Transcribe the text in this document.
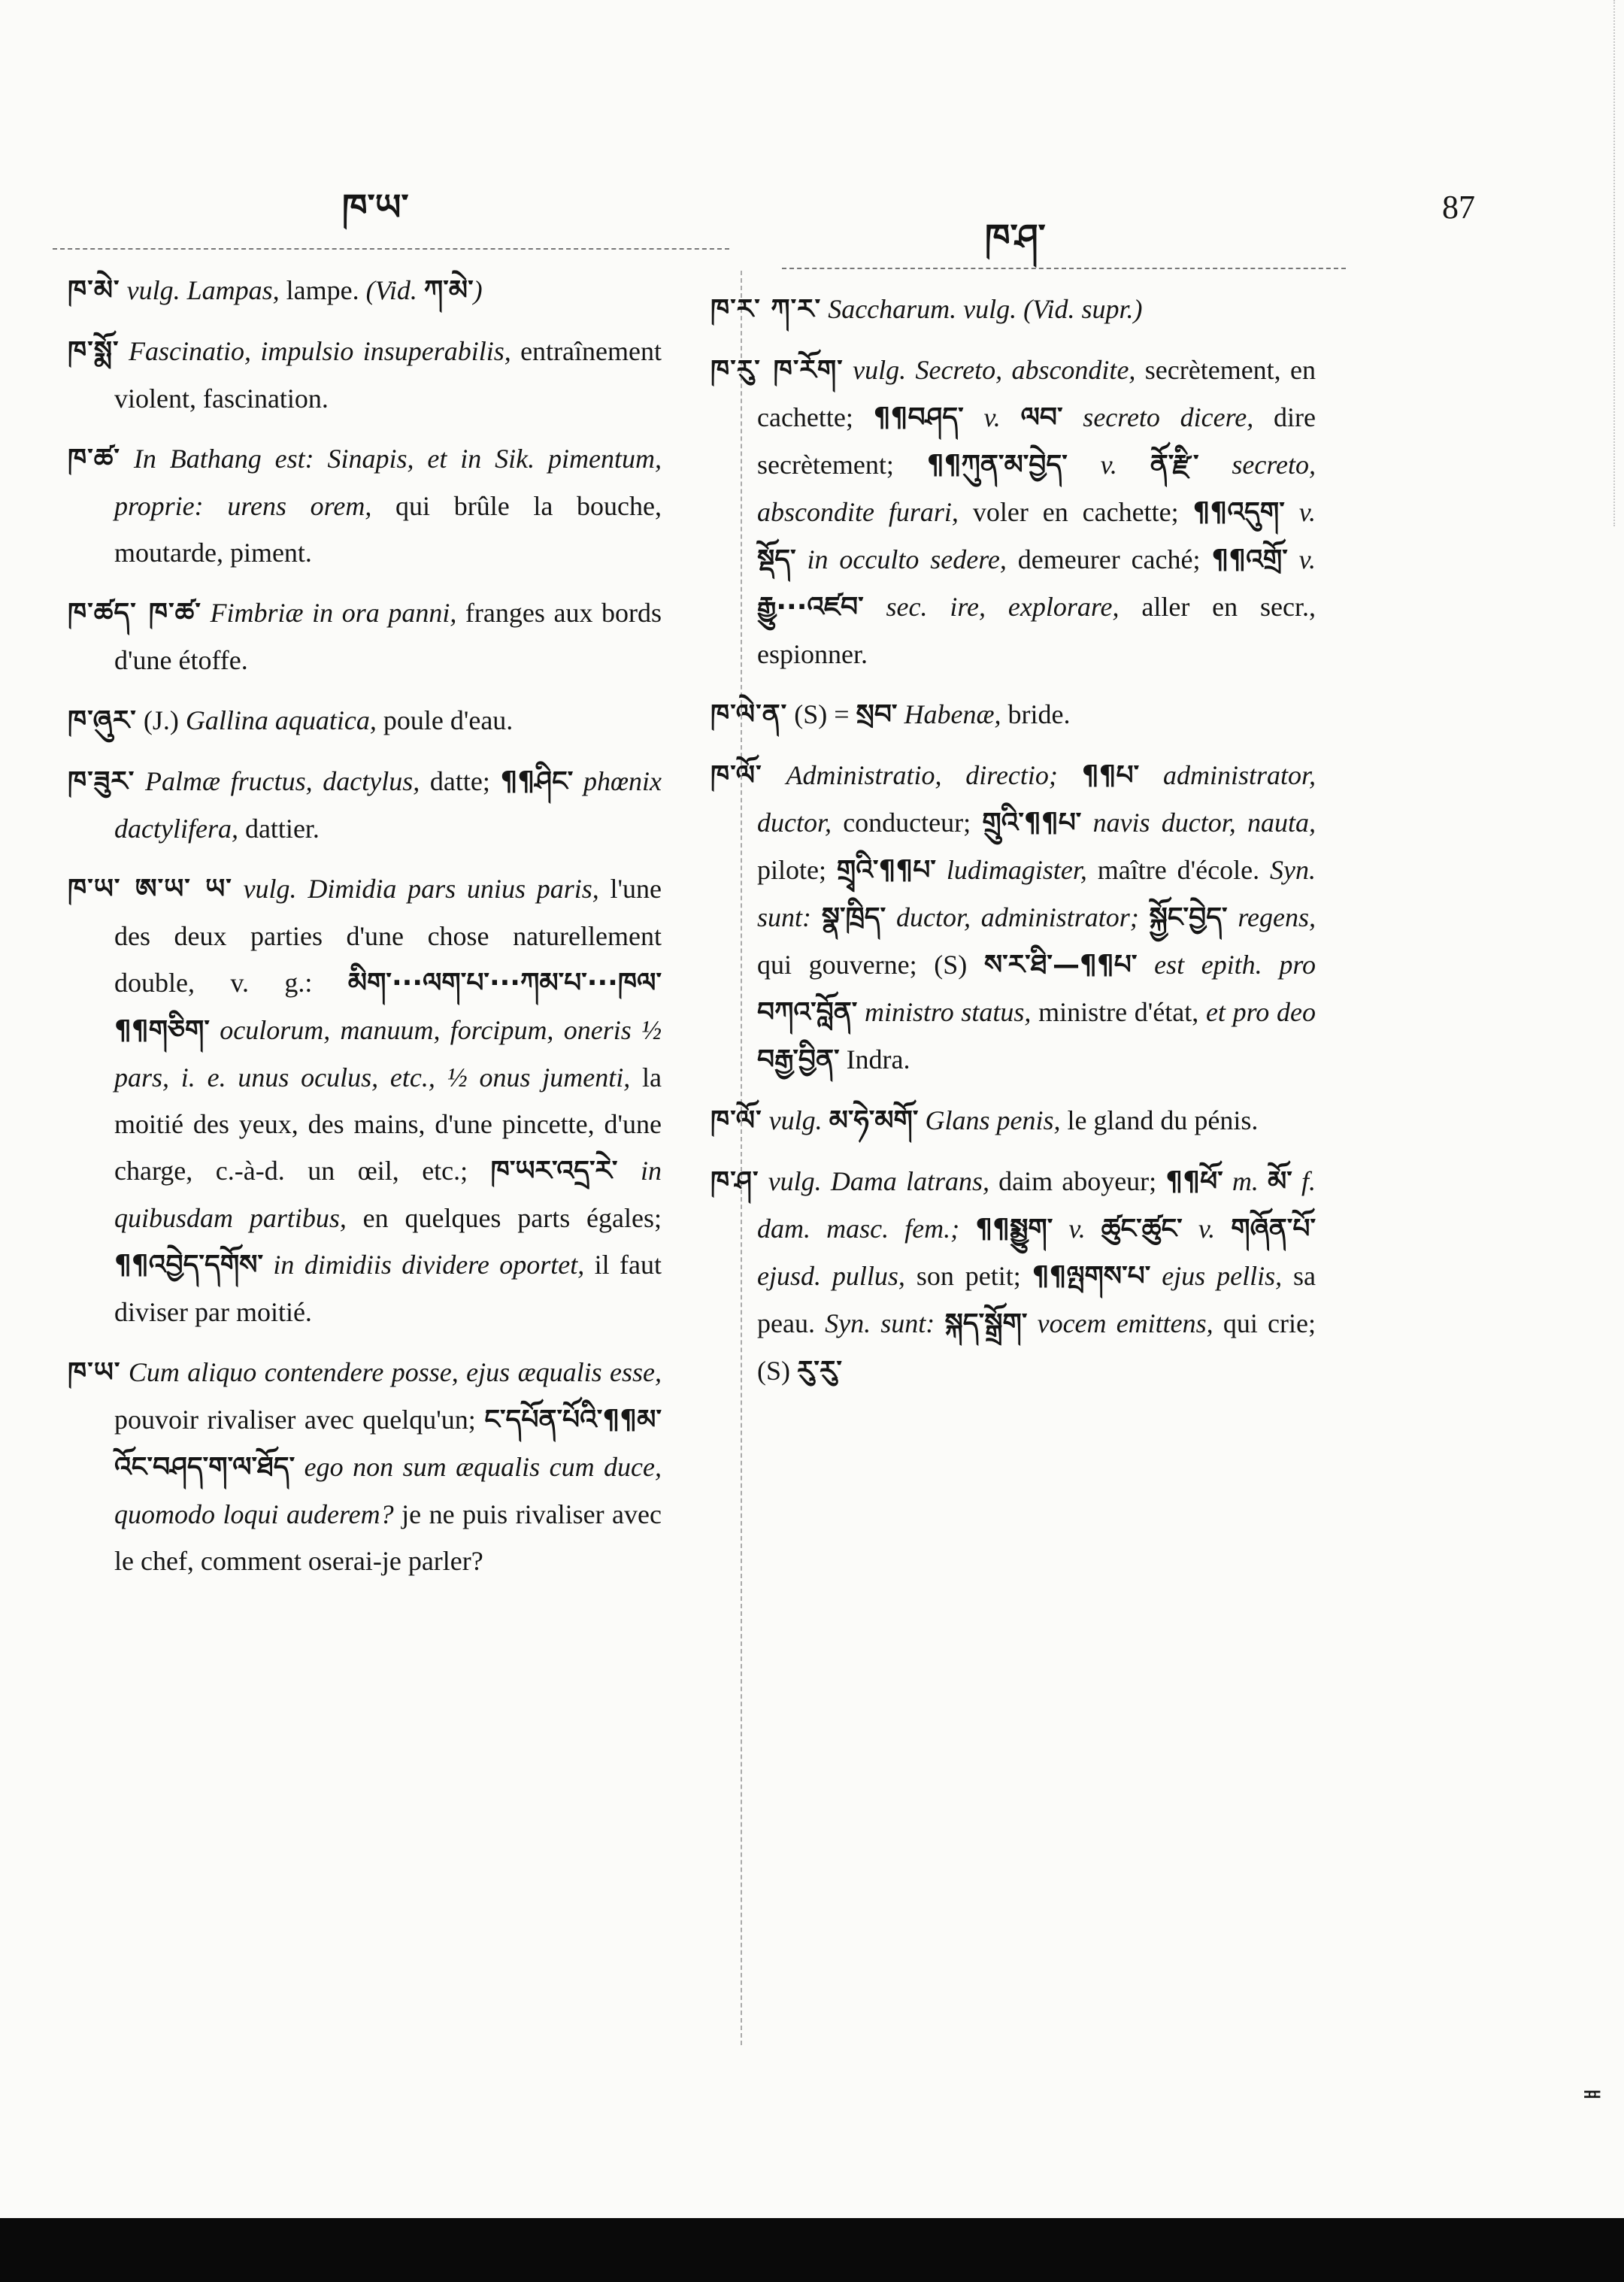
ཁ་ཡ་
ཁ་ཤ་
87

ཁ་མེ་ vulg. Lampas, lampe. (Vid. ཀ་མེ་)

ཁ་སྨོ་ Fascinatio, impulsio insuperabilis, entraînement violent, fascination.

ཁ་ཚ་ In Bathang est: Sinapis, et in Sik. pimentum, proprie: urens orem, qui brûle la bouche, moutarde, piment.

ཁ་ཚད་ ཁ་ཚ་ Fimbriæ in ora panni, franges aux bords d'une étoffe.

ཁ་ཞུར་ (J.) Gallina aquatica, poule d'eau.

ཁ་ཟུར་ Palmæ fructus, dactylus, datte; ¶¶ཤིང་ phœnix dactylifera, dattier.

ཁ་ཡ་ ཨ་ཡ་ ཡ་ vulg. Dimidia pars unius paris, l'une des deux parties d'une chose naturellement double, v. g.: མིག་···ལག་པ་···ཀམ་པ་···ཁལ་¶¶གཅིག་ oculorum, manuum, forcipum, oneris ½ pars, i. e. unus oculus, etc., ½ onus jumenti, la moitié des yeux, des mains, d'une pincette, d'une charge, c.-à-d. un œil, etc.; ཁ་ཡར་འདྲ་རེ་ in quibusdam partibus, en quelques parts égales; ¶¶འབྱེད་དགོས་ in dimidiis dividere oportet, il faut diviser par moitié.

ཁ་ཡ་ Cum aliquo contendere posse, ejus æqualis esse, pouvoir rivaliser avec quelqu'un; ང་དཔོན་པོའི་¶¶མ་འོང་བཤད་ག་ལ་ཐོད་ ego non sum æqualis cum duce, quomodo loqui auderem? je ne puis rivaliser avec le chef, comment oserai-je parler?

ཁ་ར་ ཀ་ར་ Saccharum. vulg. (Vid. supr.)

ཁ་རུ་ ཁ་རོག་ vulg. Secreto, abscondite, secrètement, en cachette; ¶¶བཤད་ v. ལབ་ secreto dicere, dire secrètement; ¶¶ཀུན་མ་བྱེད་ v. ནོ་རྫི་ secreto, abscondite furari, voler en cachette; ¶¶འདུག་ v. སྡོད་ in occulto sedere, demeurer caché; ¶¶འགྲོ་ v. རྒྱུ···འཛབ་ sec. ire, explorare, aller en secr., espionner.

ཁ་ལེ་ན་ (S) = སྲབ་ Habenæ, bride.

ཁ་ལོ་ Administratio, directio; ¶¶པ་ administrator, ductor, conducteur; གྲུའི་¶¶པ་ navis ductor, nauta, pilote; གྲྭའི་¶¶པ་ ludimagister, maître d'école. Syn. sunt: སྣ་ཁྲིད་ ductor, administrator; སྐྱོང་བྱེད་ regens, qui gouverne; (S) ས་ར་ཐི་—¶¶པ་ est epith. pro བཀའ་བློན་ ministro status, ministre d'état, et pro deo བརྒྱ་བྱིན་ Indra.

ཁ་ལོ་ vulg. མ་ཧེ་མགོ་ Glans penis, le gland du pénis.

ཁ་ཤ་ vulg. Dama latrans, daim aboyeur; ¶¶ཕོ་ m. མོ་ f. dam. masc. fem.; ¶¶སྨྱུག་ v. ཚུང་ཚུང་ v. གཞོན་པོ་ ejusd. pullus, son petit; ¶¶ལྤགས་པ་ ejus pellis, sa peau. Syn. sunt: སྐད་སྒྲོག་ vocem emittens, qui crie; (S) རུ་རུ་

≖
